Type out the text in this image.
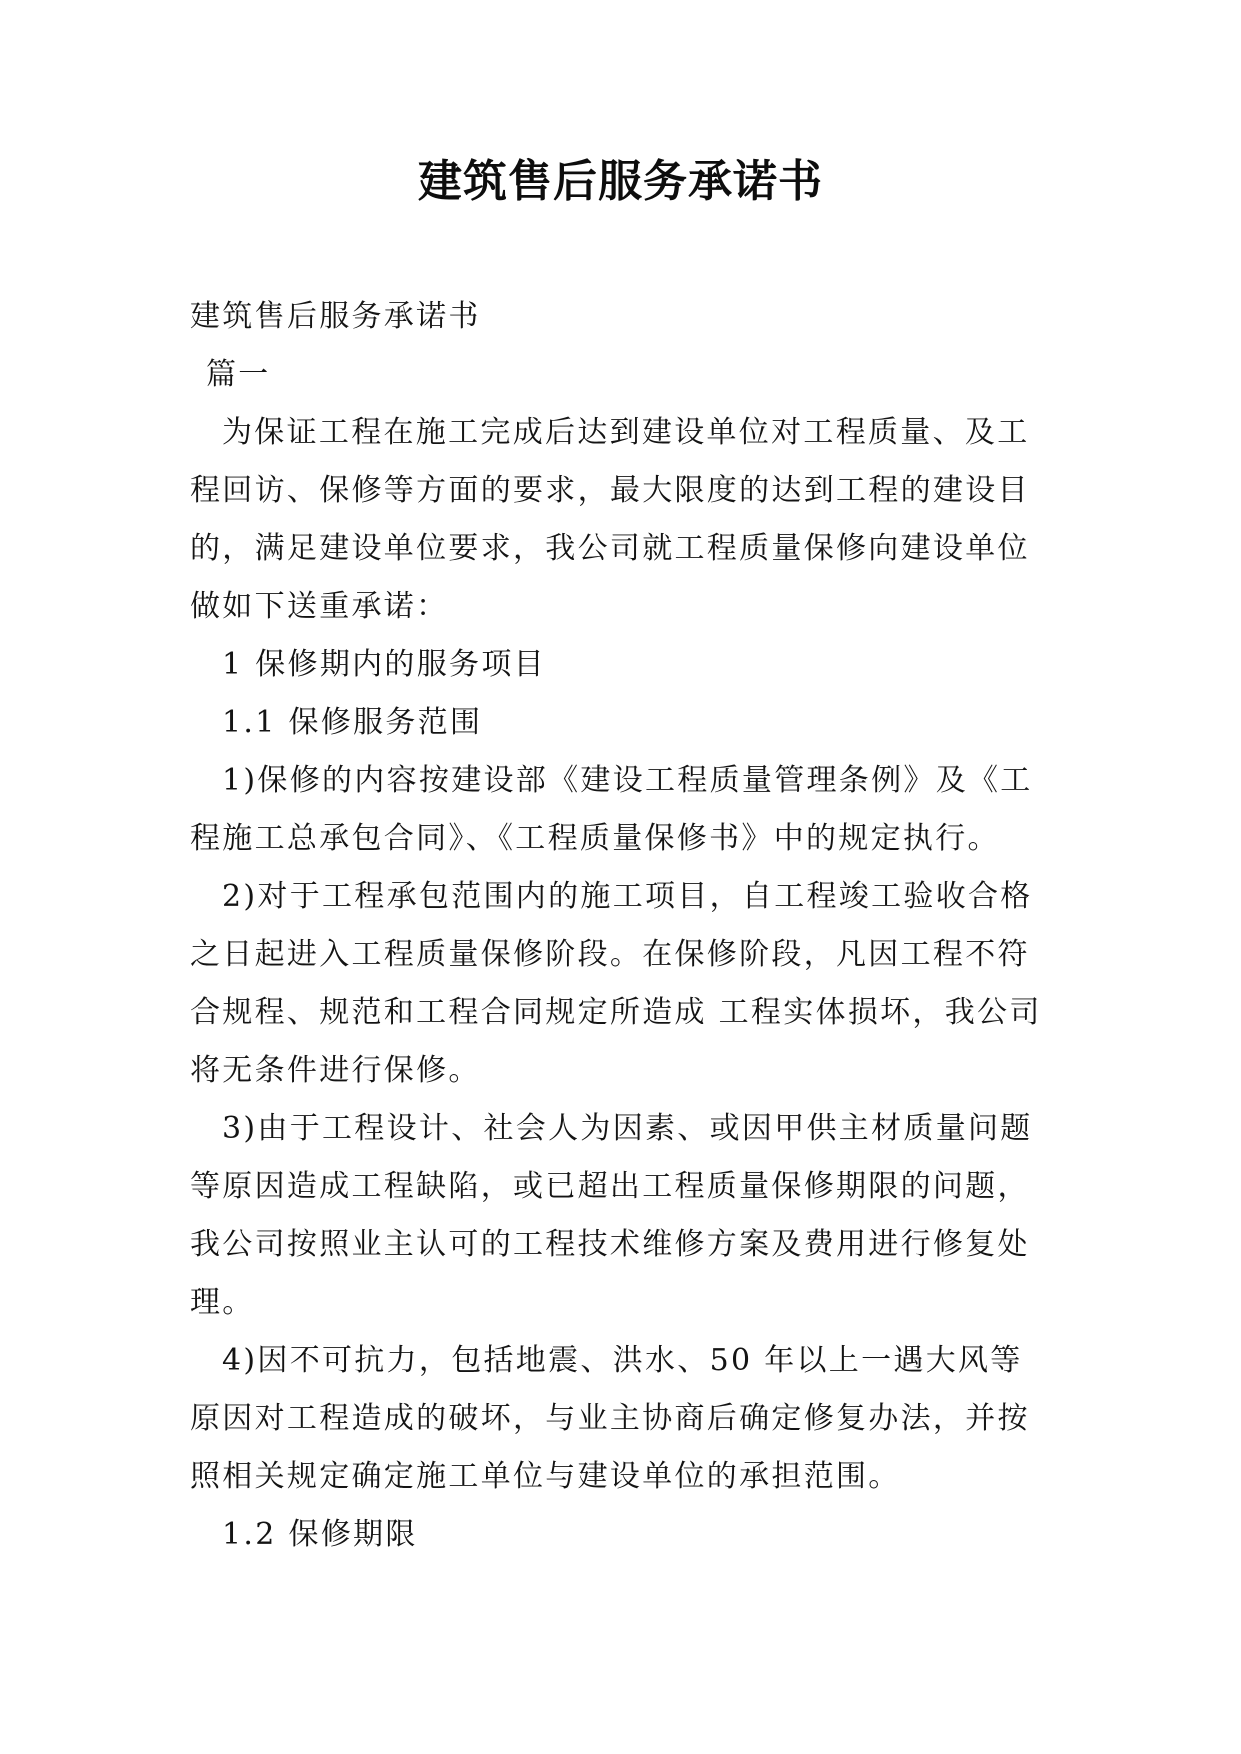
建筑售后服务承诺书

建筑售后服务承诺书

篇一

为保证工程在施工完成后达到建设单位对工程质量、及工程回访、保修等方面的要求，最大限度的达到工程的建设目的，满足建设单位要求，我公司就工程质量保修向建设单位做如下送重承诺：

1 保修期内的服务项目

1.1 保修服务范围

1)保修的内容按建设部《建设工程质量管理条例》及《工程施工总承包合同》、《工程质量保修书》中的规定执行。

2)对于工程承包范围内的施工项目，自工程竣工验收合格之日起进入工程质量保修阶段。在保修阶段，凡因工程不符合规程、规范和工程合同规定所造成 工程实体损坏，我公司将无条件进行保修。

3)由于工程设计、社会人为因素、或因甲供主材质量问题等原因造成工程缺陷，或已超出工程质量保修期限的问题，我公司按照业主认可的工程技术维修方案及费用进行修复处理。

4)因不可抗力，包括地震、洪水、50 年以上一遇大风等原因对工程造成的破坏，与业主协商后确定修复办法，并按照相关规定确定施工单位与建设单位的承担范围。

1.2 保修期限
